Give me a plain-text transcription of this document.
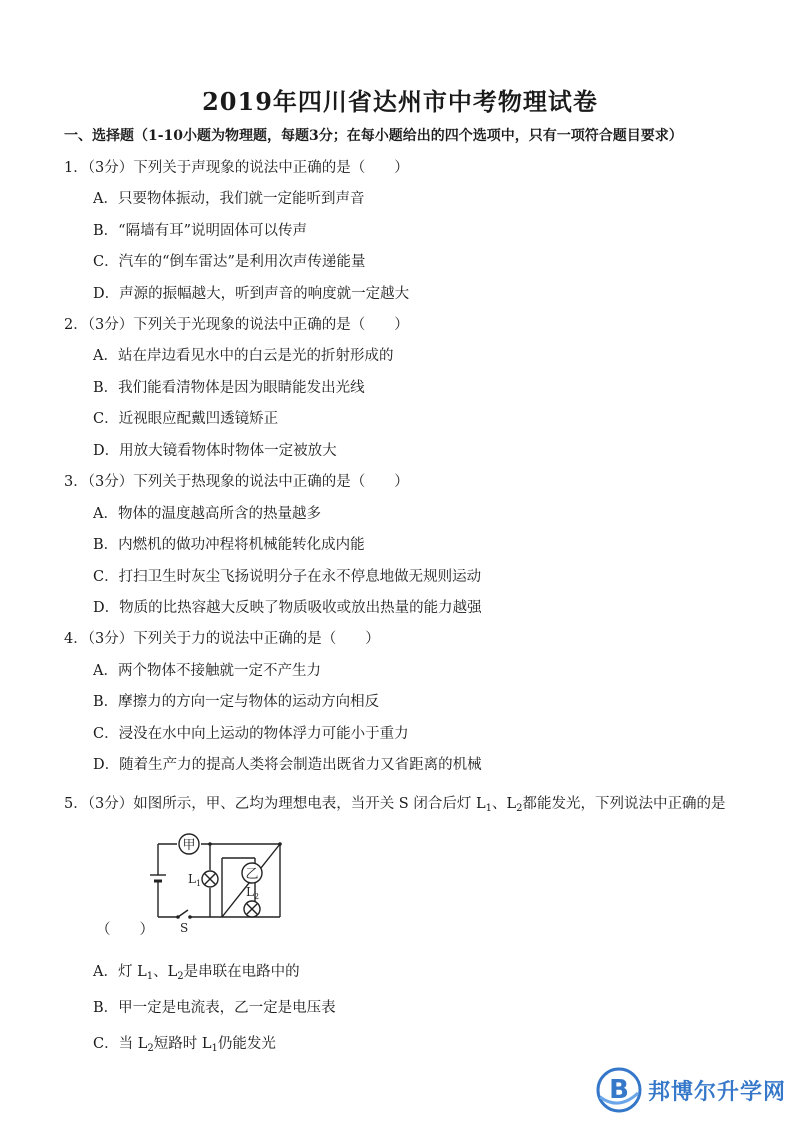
2019年四川省达州市中考物理试卷
一、选择题（1-10小题为物理题，每题3分；在每小题给出的四个选项中，只有一项符合题目要求）
1．（3分）下列关于声现象的说法中正确的是（　　）
A．只要物体振动，我们就一定能听到声音
B．“隔墙有耳”说明固体可以传声
C．汽车的“倒车雷达”是利用次声传递能量
D．声源的振幅越大，听到声音的响度就一定越大
2．（3分）下列关于光现象的说法中正确的是（　　）
A．站在岸边看见水中的白云是光的折射形成的
B．我们能看清物体是因为眼睛能发出光线
C．近视眼应配戴凹透镜矫正
D．用放大镜看物体时物体一定被放大
3．（3分）下列关于热现象的说法中正确的是（　　）
A．物体的温度越高所含的热量越多
B．内燃机的做功冲程将机械能转化成内能
C．打扫卫生时灰尘飞扬说明分子在永不停息地做无规则运动
D．物质的比热容越大反映了物质吸收或放出热量的能力越强
4．（3分）下列关于力的说法中正确的是（　　）
A．两个物体不接触就一定不产生力
B．摩擦力的方向一定与物体的运动方向相反
C．浸没在水中向上运动的物体浮力可能小于重力
D．随着生产力的提高人类将会制造出既省力又省距离的机械
5．（3分）如图所示，甲、乙均为理想电表，当开关 S 闭合后灯 $L_1$、$L_2$都能发光，下列说法中正确的是
甲
乙
L 1
L 2
S
（　　）
A．灯 $L_1$、$L_2$是串联在电路中的
B．甲一定是电流表，乙一定是电压表
C．当 $L_2$短路时 $L_1$仍能发光
B 邦博尔升学网
